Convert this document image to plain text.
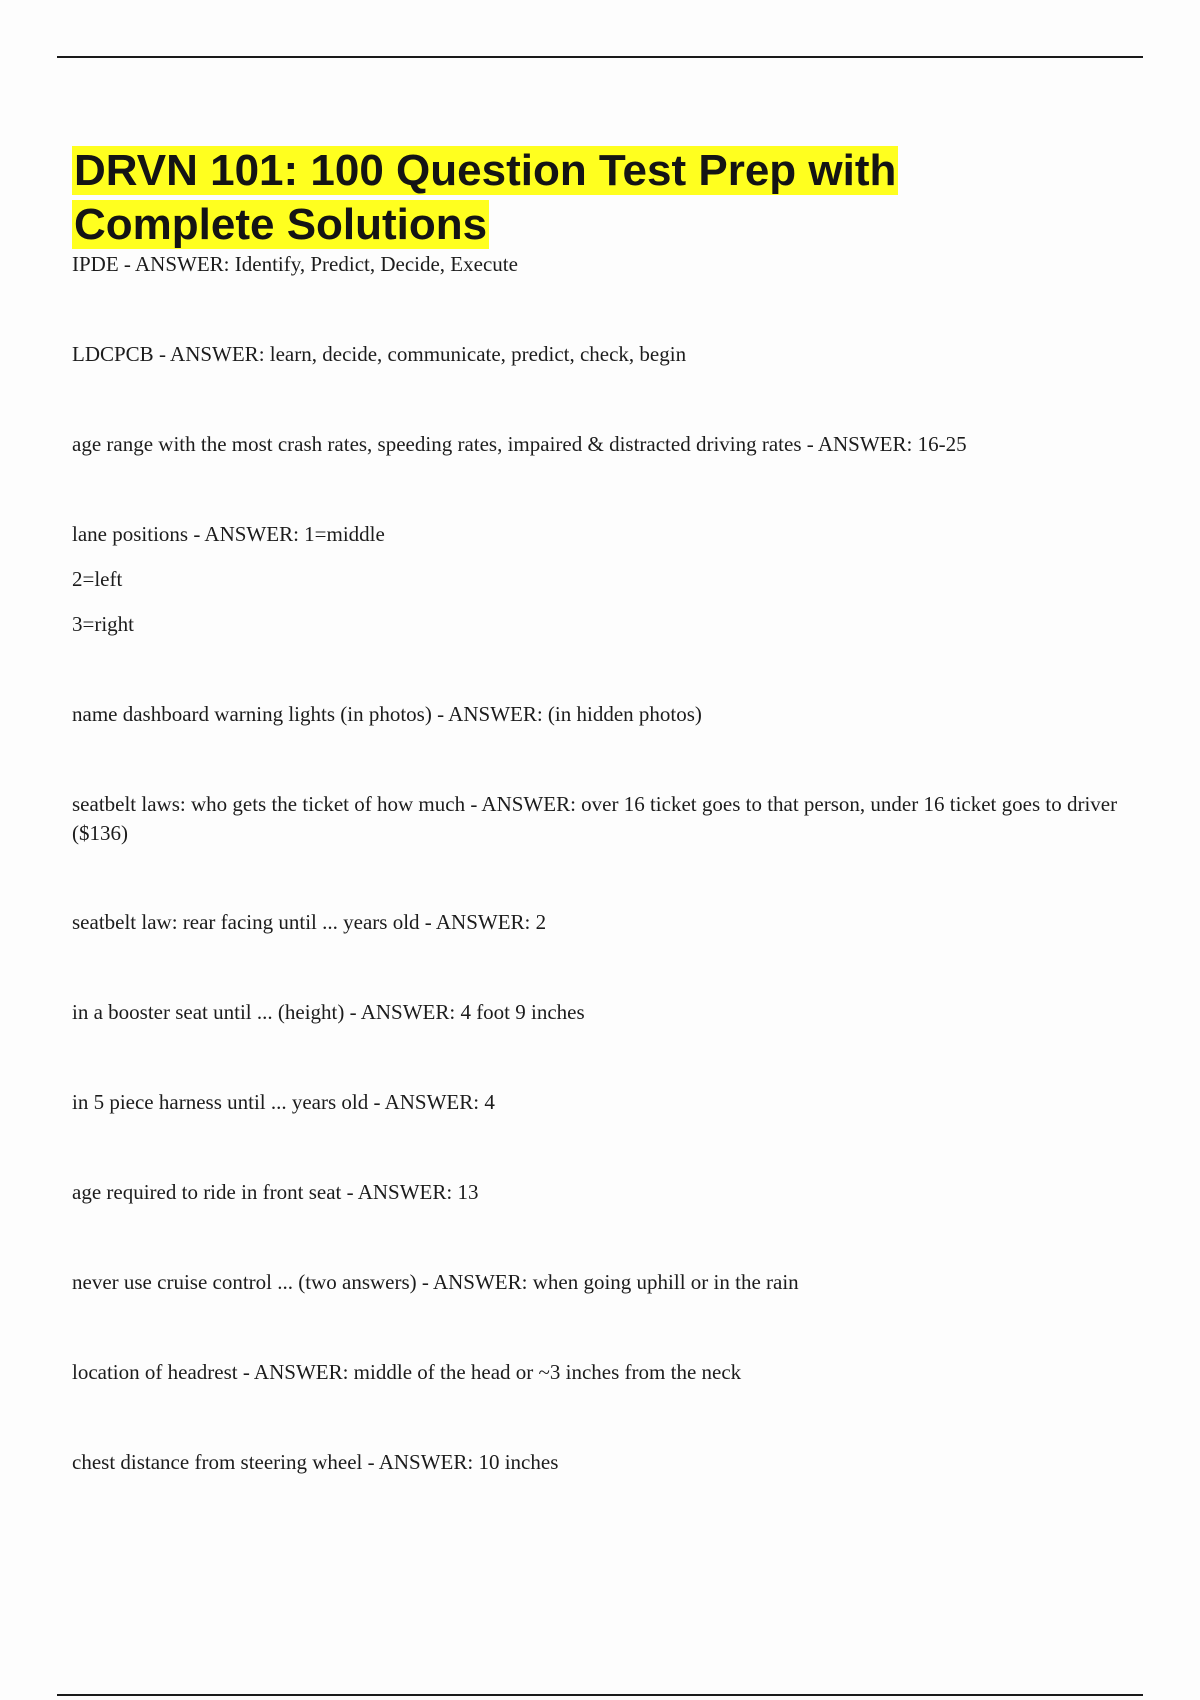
DRVN 101: 100 Question Test Prep with
Complete Solutions
IPDE - ANSWER: Identify, Predict, Decide, Execute
LDCPCB - ANSWER: learn, decide, communicate, predict, check, begin
age range with the most crash rates, speeding rates, impaired & distracted driving rates - ANSWER: 16-25
lane positions - ANSWER: 1=middle
2=left
3=right
name dashboard warning lights (in photos) - ANSWER: (in hidden photos)
seatbelt laws: who gets the ticket of how much - ANSWER: over 16 ticket goes to that person, under 16 ticket goes to driver ($136)
seatbelt law: rear facing until ... years old - ANSWER: 2
in a booster seat until ... (height) - ANSWER: 4 foot 9 inches
in 5 piece harness until ... years old - ANSWER: 4
age required to ride in front seat - ANSWER: 13
never use cruise control ... (two answers) - ANSWER: when going uphill or in the rain
location of headrest - ANSWER: middle of the head or ~3 inches from the neck
chest distance from steering wheel - ANSWER: 10 inches
